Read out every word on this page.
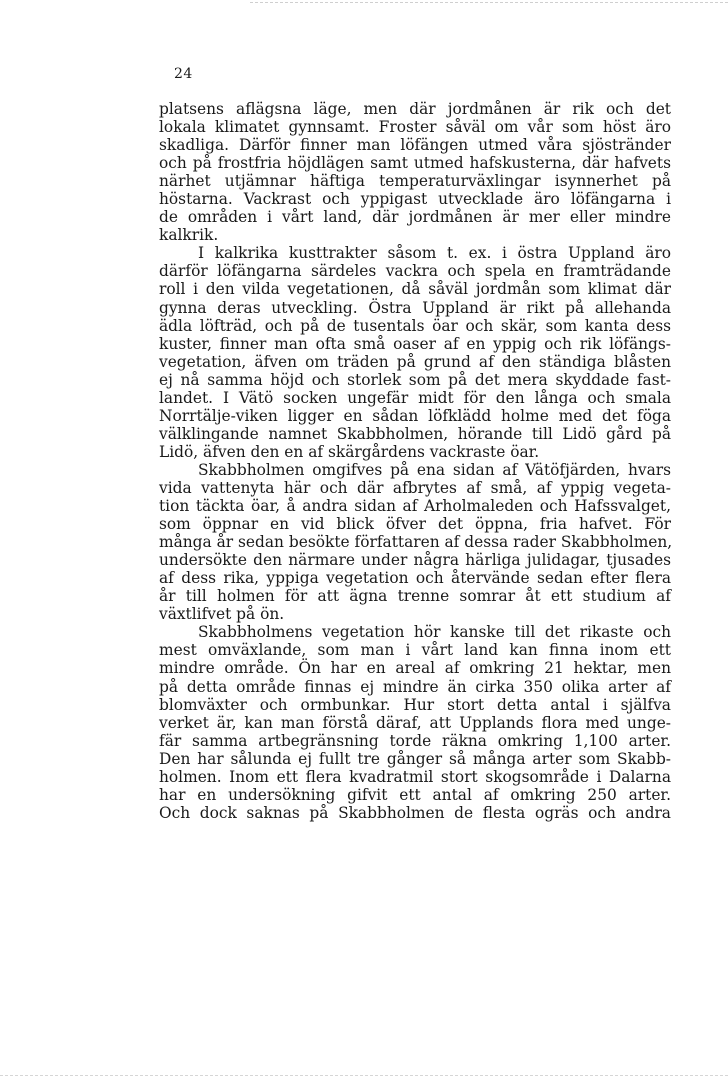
24
platsens aflägsna läge, men där jordmånen är rik och det
lokala klimatet gynnsamt. Froster såväl om vår som höst äro
skadliga. Därför finner man löfängen utmed våra sjöstränder
och på frostfria höjdlägen samt utmed hafskusterna, där hafvets
närhet utjämnar häftiga temperaturväxlingar isynnerhet på
höstarna. Vackrast och yppigast utvecklade äro löfängarna i
de områden i vårt land, där jordmånen är mer eller mindre
kalkrik.
I kalkrika kusttrakter såsom t. ex. i östra Uppland äro
därför löfängarna särdeles vackra och spela en framträdande
roll i den vilda vegetationen, då såväl jordmån som klimat där
gynna deras utveckling. Östra Uppland är rikt på allehanda
ädla löfträd, och på de tusentals öar och skär, som kanta dess
kuster, finner man ofta små oaser af en yppig och rik löfängs-
vegetation, äfven om träden på grund af den ständiga blåsten
ej nå samma höjd och storlek som på det mera skyddade fast-
landet. I Vätö socken ungefär midt för den långa och smala
Norrtälje-viken ligger en sådan löfklädd holme med det föga
välklingande namnet Skabbholmen, hörande till Lidö gård på
Lidö, äfven den en af skärgårdens vackraste öar.
Skabbholmen omgifves på ena sidan af Vätöfjärden, hvars
vida vattenyta här och där afbrytes af små, af yppig vegeta-
tion täckta öar, å andra sidan af Arholmaleden och Hafssvalget,
som öppnar en vid blick öfver det öppna, fria hafvet. För
många år sedan besökte författaren af dessa rader Skabbholmen,
undersökte den närmare under några härliga julidagar, tjusades
af dess rika, yppiga vegetation och återvände sedan efter flera
år till holmen för att ägna trenne somrar åt ett studium af
växtlifvet på ön.
Skabbholmens vegetation hör kanske till det rikaste och
mest omväxlande, som man i vårt land kan finna inom ett
mindre område. Ön har en areal af omkring 21 hektar, men
på detta område finnas ej mindre än cirka 350 olika arter af
blomväxter och ormbunkar. Hur stort detta antal i själfva
verket är, kan man förstå däraf, att Upplands flora med unge-
fär samma artbegränsning torde räkna omkring 1,100 arter.
Den har sålunda ej fullt tre gånger så många arter som Skabb-
holmen. Inom ett flera kvadratmil stort skogsområde i Dalarna
har en undersökning gifvit ett antal af omkring 250 arter.
Och dock saknas på Skabbholmen de flesta ogräs och andra
